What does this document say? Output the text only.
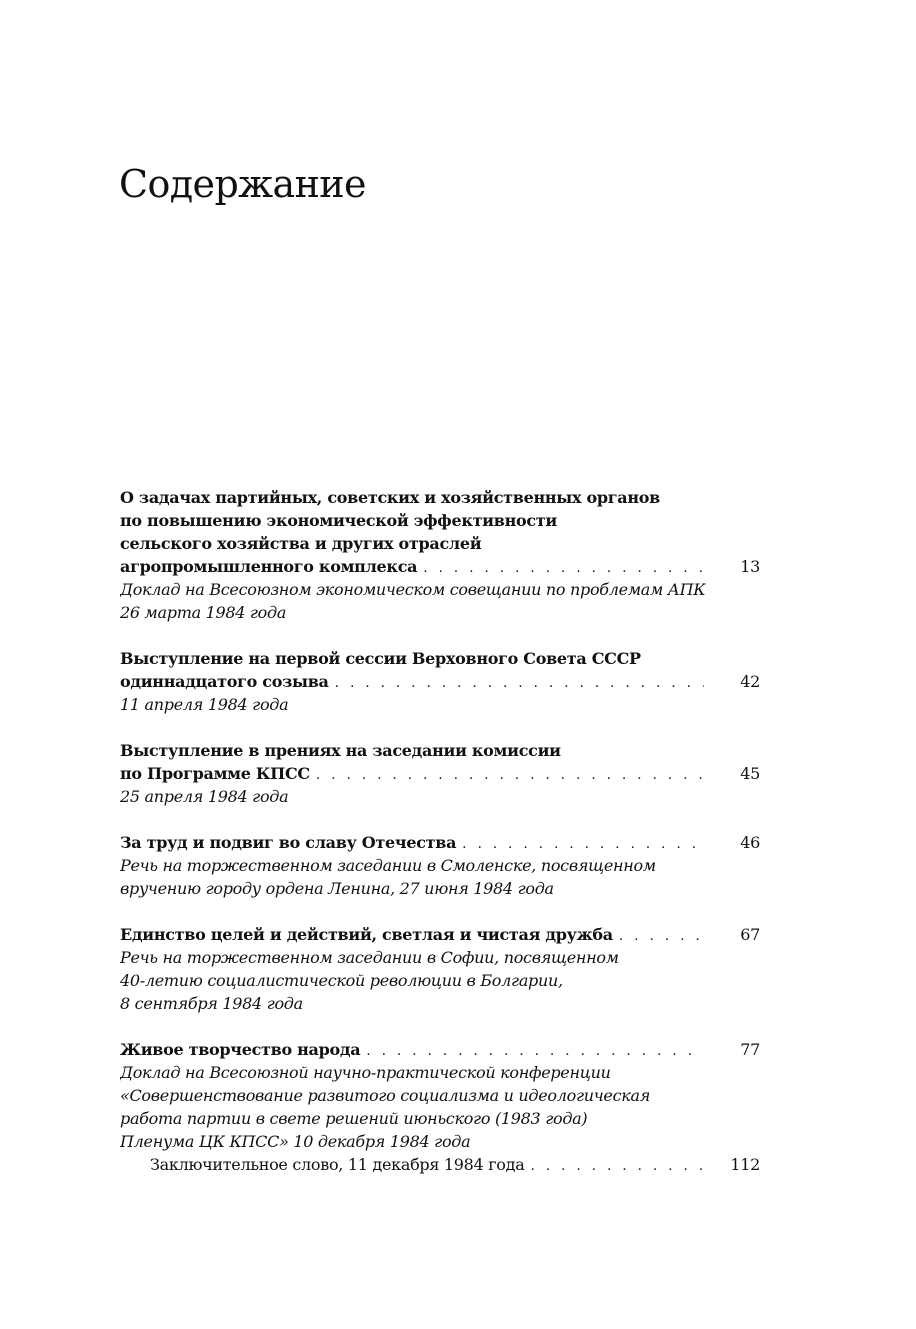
Содержание
О задачах партийных, советских и хозяйственных органов
по повышению экономической эффективности
сельского хозяйства и других отраслей
агропромышленного комплекса . . .	13
Доклад на Всесоюзном экономическом совещании по проблемам АПК
26 марта 1984 года
Выступление на первой сессии Верховного Совета СССР
одиннадцатого созыва . . .	42
11 апреля 1984 года
Выступление в прениях на заседании комиссии
по Программе КПСС . . .	45
25 апреля 1984 года
За труд и подвиг во славу Отечества . . .	46
Речь на торжественном заседании в Смоленске, посвященном
вручению городу ордена Ленина, 27 июня 1984 года
Единство целей и действий, светлая и чистая дружба . . .	67
Речь на торжественном заседании в Софии, посвященном
40-летию социалистической революции в Болгарии,
8 сентября 1984 года
Живое творчество народа . . .	77
Доклад на Всесоюзной научно-практической конференции
«Совершенствование развитого социализма и идеологическая
работа партии в свете решений июньского (1983 года)
Пленума ЦК КПСС» 10 декабря 1984 года
Заключительное слово, 11 декабря 1984 года . . .	112
